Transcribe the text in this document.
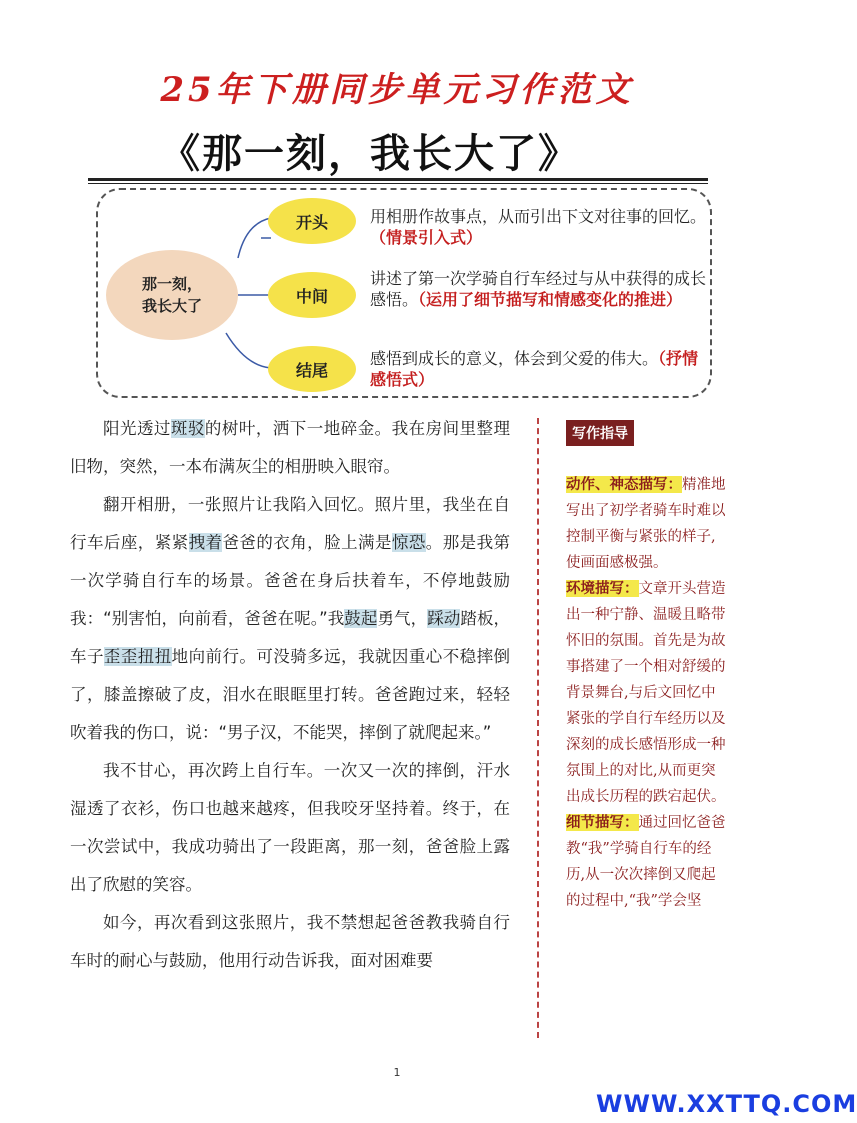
25年下册同步单元习作范文
《那一刻，我长大了》
那一刻，
我长大了
开头	用相册作故事点，从而引出下文对往事的回忆。（情景引入式）
中间
讲述了第一次学骑自行车经过与从中获得的成长感悟。（运用了细节描写和情感变化的推进）
结尾
感悟到成长的意义，体会到父爱的伟大。（抒情感悟式）

阳光透过斑驳的树叶，洒下一地碎金。我在房间里整理旧物，突然，一本布满灰尘的相册映入眼帘。

翻开相册，一张照片让我陷入回忆。照片里，我坐在自行车后座，紧紧拽着爸爸的衣角，脸上满是惊恐。那是我第一次学骑自行车的场景。爸爸在身后扶着车，不停地鼓励我：“别害怕，向前看，爸爸在呢。”我鼓起勇气，踩动踏板，车子歪歪扭扭地向前行。可没骑多远，我就因重心不稳摔倒了，膝盖擦破了皮，泪水在眼眶里打转。爸爸跑过来，轻轻吹着我的伤口，说：“男子汉，不能哭，摔倒了就爬起来。”

我不甘心，再次跨上自行车。一次又一次的摔倒，汗水湿透了衣衫，伤口也越来越疼，但我咬牙坚持着。终于，在一次尝试中，我成功骑出了一段距离，那一刻，爸爸脸上露出了欣慰的笑容。

如今，再次看到这张照片，我不禁想起爸爸教我骑自行车时的耐心与鼓励，他用行动告诉我，面对困难要

写作指导
动作、神态描写：精准地写出了初学者骑车时难以控制平衡与紧张的样子,使画面感极强。
环境描写：文章开头营造出一种宁静、温暖且略带怀旧的氛围。首先是为故事搭建了一个相对舒缓的背景舞台,与后文回忆中紧张的学自行车经历以及深刻的成长感悟形成一种氛围上的对比,从而更突出成长历程的跌宕起伏。
细节描写：通过回忆爸爸教“我”学骑自行车的经历,从一次次摔倒又爬起的过程中,“我”学会坚
1
WWW.XXTTQ.COM
